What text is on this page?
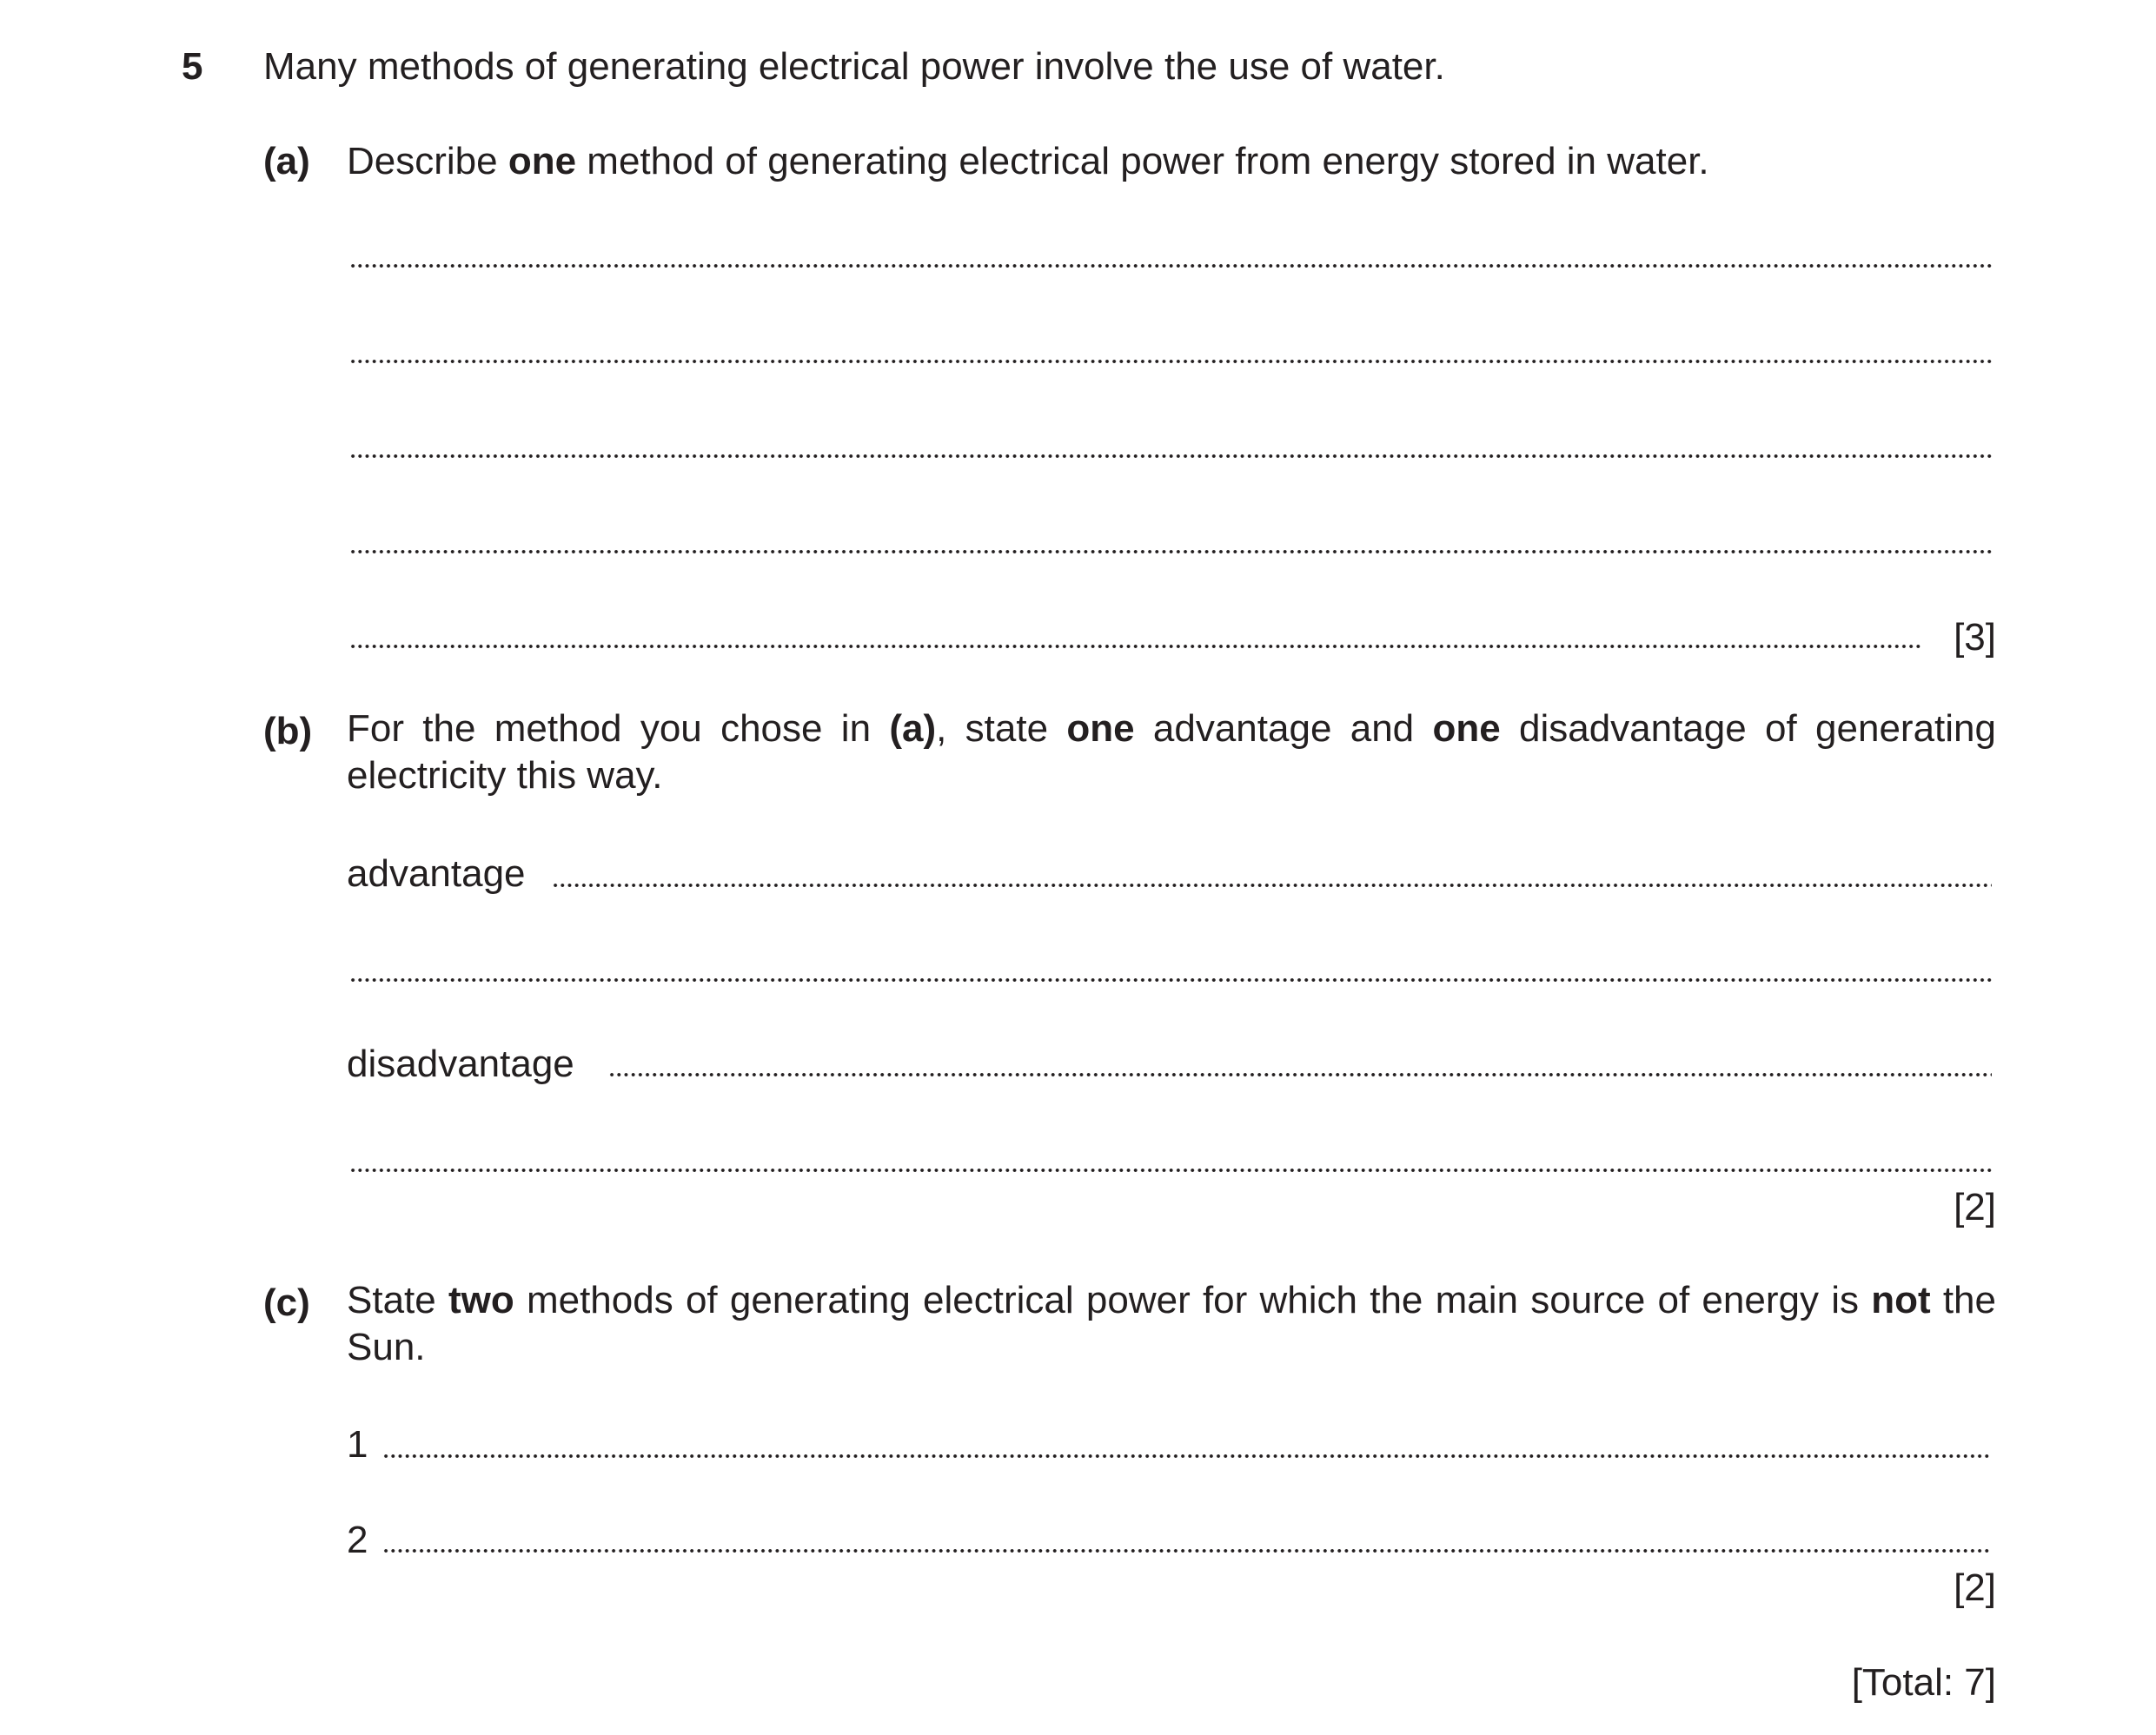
5 Many methods of generating electrical power involve the use of water.
(a) Describe one method of generating electrical power from energy stored in water.
[3]
(b) For the method you chose in (a), state one advantage and one disadvantage of generating electricity this way.
advantage
disadvantage
[2]
(c) State two methods of generating electrical power for which the main source of energy is not the Sun.
1
2
[2]
[Total: 7]
